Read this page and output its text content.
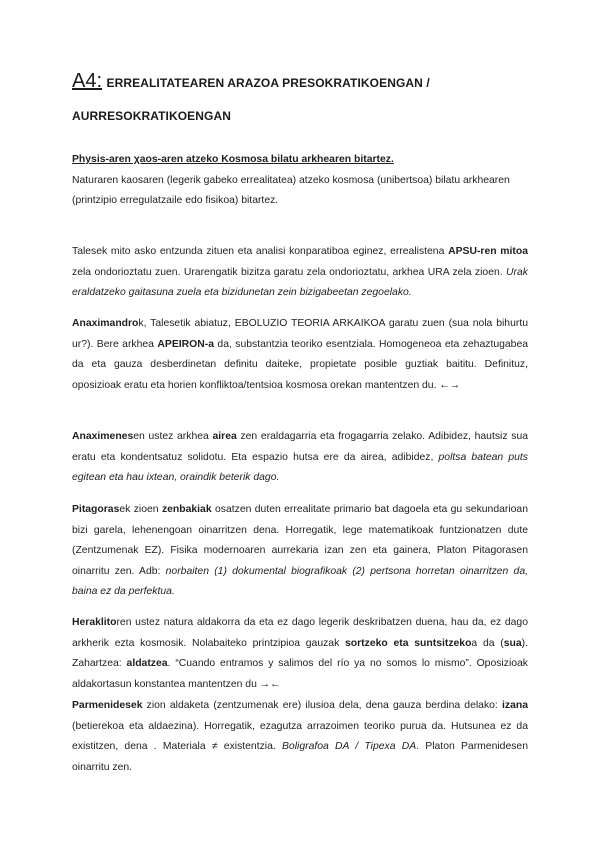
A4: ERREALITATEAREN ARAZOA PRESOKRATIKOENGAN /
AURRESOKRATIKOENGAN
Physis-aren χaos-aren atzeko Kosmosa bilatu arkhearen bitartez.
Naturaren kaosaren (legerik gabeko errealitatea) atzeko kosmosa (unibertsoa) bilatu arkhearen (printzipio erregulatzaile edo fisikoa) bitartez.
Talesek mito asko entzunda zituen eta analisi konparatiboa eginez, errealistena APSU-ren mitoa zela ondorioztatu zuen. Urarengatik bizitza garatu zela ondorioztatu, arkhea URA zela zioen. Urak eraldatzeko gaitasuna zuela eta bizidunetan zein bizigabeetan zegoelako.
Anaximandrok, Talesetik abiatuz, EBOLUZIO TEORIA ARKAIKOA garatu zuen (sua nola bihurtu ur?). Bere arkhea APEIRON-a da, substantzia teoriko esentziala. Homogeneoa eta zehaztugabea da eta gauza desberdinetan definitu daiteke, propietate posible guztiak baititu. Definituz, oposizioak eratu eta horien konfliktoa/tentsioa kosmosa orekan mantentzen du. ←→
Anaximenesen ustez arkhea airea zen eraldagarria eta frogagarria zelako. Adibidez, hautsiz sua eratu eta kondentsatuz solidotu. Eta espazio hutsa ere da airea, adibidez, poltsa batean puts egitean eta hau ixtean, oraindik beterik dago.
Pitagorasek zioen zenbakiak osatzen duten errealitate primario bat dagoela eta gu sekundarioan bizi garela, lehenengoan oinarritzen dena. Horregatik, lege matematikoak funtzionatzen dute (Zentzumenak EZ). Fisika modernoaren aurrekaria izan zen eta gainera, Platon Pitagorasen oinarritu zen. Adb: norbaiten (1) dokumental biografikoak (2) pertsona horretan oinarritzen da, baina ez da perfektua.
Heraklitoren ustez natura aldakorra da eta ez dago legerik deskribatzen duena, hau da, ez dago arkherik ezta kosmosik. Nolabaiteko printzipioa gauzak sortzeko eta suntsitzekoa da (sua). Zahartzea: aldatzea. “Cuando entramos y salimos del río ya no somos lo mismo”. Oposizioak aldakortasun konstantea mantentzen du →←
Parmenidesek zion aldaketa (zentzumenak ere) ilusioa dela, dena gauza berdina delako: izana (betierekoa eta aldaezina). Horregatik, ezagutza arrazoimen teoriko purua da. Hutsunea ez da existitzen, dena . Materiala ≠ existentzia. Boligrafoa DA / Tipexa DA. Platon Parmenidesen oinarritu zen.
